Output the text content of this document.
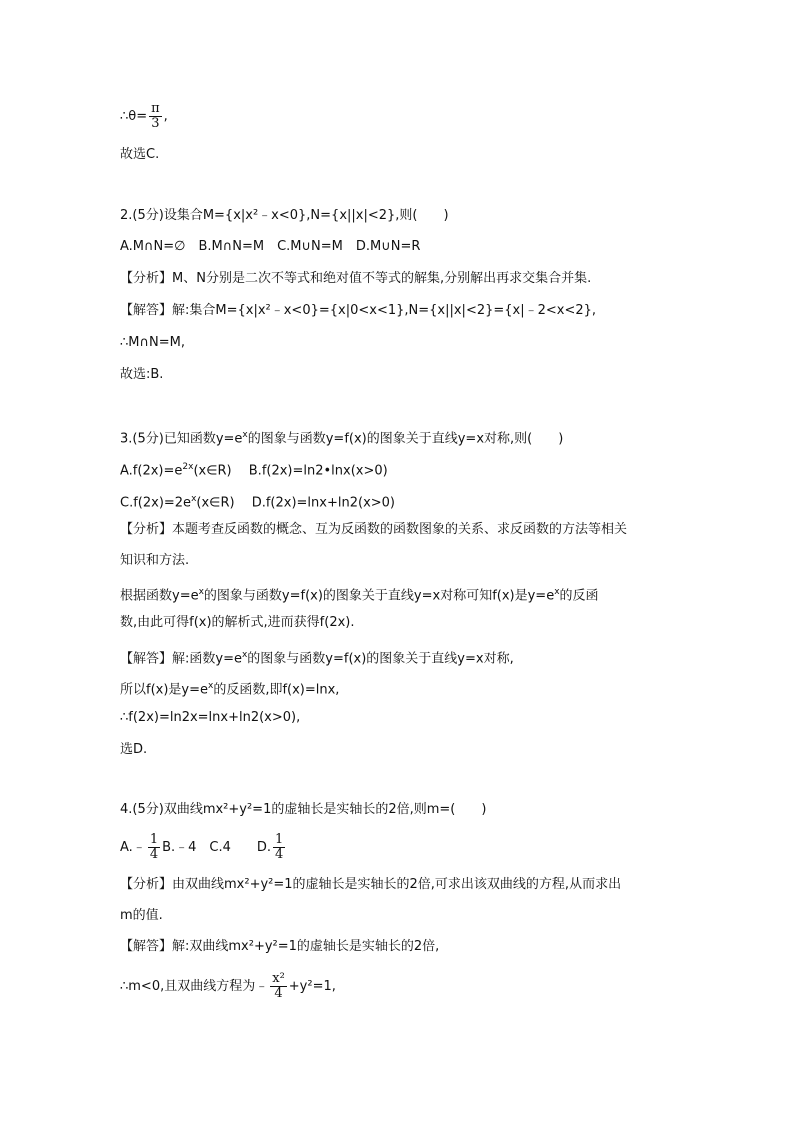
∴θ= $\frac{\pi}{3}$ ,
故选C.
2.(5分)设集合M={x|x²﹣x<0},N={x||x|<2},则(　　)
A.M∩N=∅　B.M∩N=M　C.M∪N=M　D.M∪N=R
【分析】M、N分别是二次不等式和绝对值不等式的解集,分别解出再求交集合并集.
【解答】解:集合M={x|x²﹣x<0}={x|0<x<1},N={x||x|<2}={x|﹣2<x<2},
∴M∩N=M,
故选:B.
3.(5分)已知函数$y=e^x$的图象与函数y=f(x)的图象关于直线y=x对称,则(　　)
$A.f(2x)=e^{2x}(x\in R)$　 B.f(2x)=ln2•lnx(x>0)
$C.f(2x)=2e^x(x\in R)$　 D.f(2x)=lnx+ln2(x>0)
【分析】本题考查反函数的概念、互为反函数的函数图象的关系、求反函数的方法等相关
知识和方法.
根据函数$y=e^x$的图象与函数y=f(x)的图象关于直线y=x对称可知f(x)是$y=e^x$的反函
数,由此可得f(x)的解析式,进而获得f(2x).
【解答】解:函数$y=e^x$的图象与函数y=f(x)的图象关于直线y=x对称,
所以f(x)是$y=e^x$的反函数,即f(x)=lnx,
∴f(2x)=ln2x=lnx+ln2(x>0),
选D.
4.(5分)双曲线mx²+y²=1的虚轴长是实轴长的2倍,则m=(　　)
A.﹣ $\frac{1}{4}$ B.﹣4　C.4　　D. $\frac{1}{4}$
【分析】由双曲线mx²+y²=1的虚轴长是实轴长的2倍,可求出该双曲线的方程,从而求出
m的值.
【解答】解:双曲线mx²+y²=1的虚轴长是实轴长的2倍,
∴m<0,且双曲线方程为﹣ $\frac{\text{x²}}{4} +y^2=1$,
